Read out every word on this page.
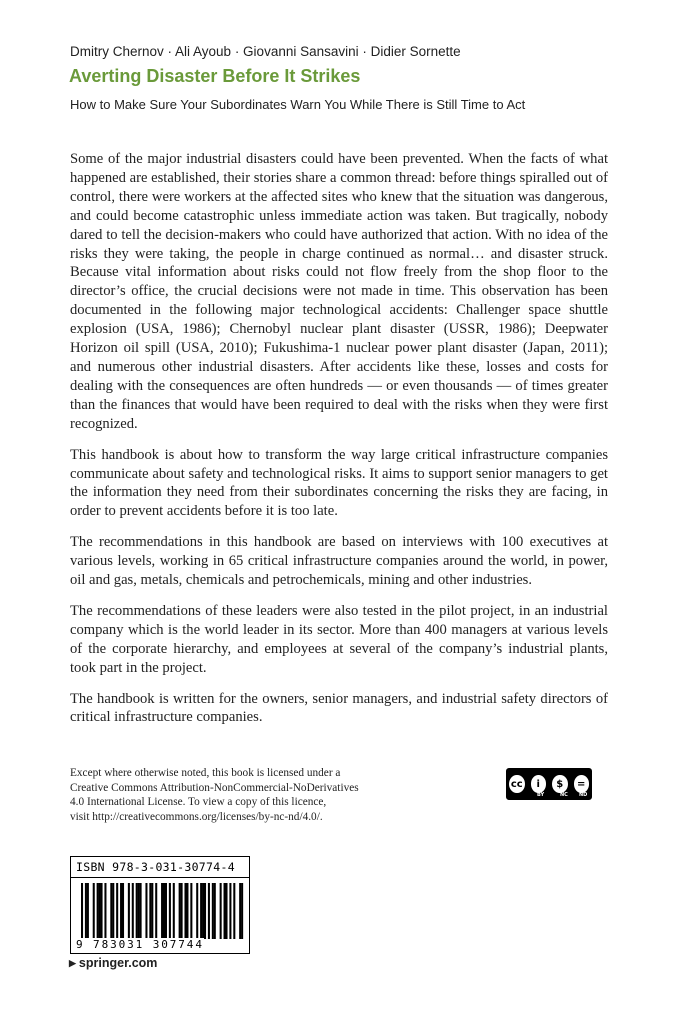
Dmitry Chernov · Ali Ayoub · Giovanni Sansavini · Didier Sornette
Averting Disaster Before It Strikes
How to Make Sure Your Subordinates Warn You While There is Still Time to Act

Some of the major industrial disasters could have been prevented. When the facts of what happened are established, their stories share a common thread: before things spiralled out of control, there were workers at the affected sites who knew that the situation was dangerous, and could become catastrophic unless immediate action was taken. But tragically, nobody dared to tell the decision-makers who could have authorized that action. With no idea of the risks they were taking, the people in charge continued as normal… and disaster struck. Because vital information about risks could not flow freely from the shop floor to the director’s office, the crucial decisions were not made in time. This observation has been documented in the following major technological accidents: Challenger space shuttle explosion (USA, 1986); Chernobyl nuclear plant disaster (USSR, 1986); Deepwater Horizon oil spill (USA, 2010); Fukushima-1 nuclear power plant disaster (Japan, 2011); and numerous other industrial disasters. After accidents like these, losses and costs for dealing with the consequences are often hundreds — or even thousands — of times greater than the finances that would have been required to deal with the risks when they were first recognized.

This handbook is about how to transform the way large critical infrastructure companies communicate about safety and technological risks. It aims to support senior managers to get the information they need from their subordinates concerning the risks they are facing, in order to prevent accidents before it is too late.

The recommendations in this handbook are based on interviews with 100 executives at various levels, working in 65 critical infrastructure companies around the world, in power, oil and gas, metals, chemicals and petrochemicals, mining and other industries.

The recommendations of these leaders were also tested in the pilot project, in an industrial company which is the world leader in its sector. More than 400 managers at various levels of the corporate hierarchy, and employees at several of the company’s industrial plants, took part in the project.

The handbook is written for the owners, senior managers, and industrial safety directors of critical infrastructure companies.

Except where otherwise noted, this book is licensed under a
Creative Commons Attribution-NonCommercial-NoDerivatives
4.0 International License. To view a copy of this licence,
visit http://creativecommons.org/licenses/by-nc-nd/4.0/.
cc	i	$	=
BY	NC ND
ISBN 978-3-031-30774-4
9 783031 307744
▶ springer.com
